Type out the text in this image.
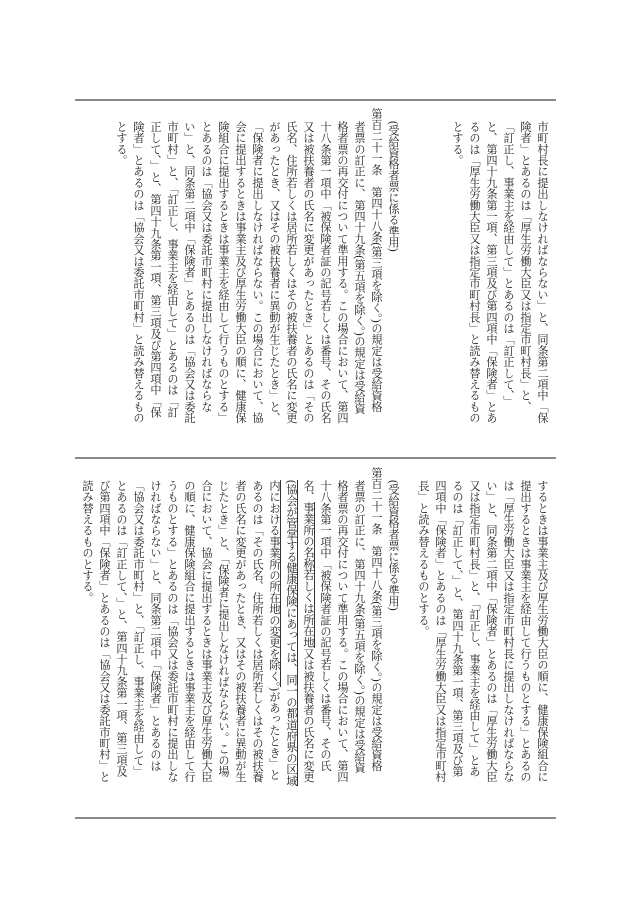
市町村長に提出しなければならない」と、同条第二項中「保
険者」とあるのは「厚生労働大臣又は指定市町村長」と、
「訂正し、事業主を経由して」とあるのは「訂正して、」
と、第四十九条第一項、第三項及び第四項中「保険者」とあ
るのは「厚生労働大臣又は指定市町村長」と読み替えるもの
とする。
(受給資格者票に係る準用)
第百二十一条　第四十八条(第三項を除く。)の規定は受給資格
者票の訂正に、第四十九条(第五項を除く。)の規定は受給資
格者票の再交付について準用する。この場合において、第四
十八条第一項中「被保険者証の記号若しくは番号、その氏名
又は被扶養者の氏名に変更があったとき」とあるのは「その
氏名、住所若しくは居所若しくはその被扶養者の氏名に変更
があったとき、又はその被扶養者に異動が生じたとき」と、
「保険者に提出しなければならない。この場合において、協
会に提出するときは事業主及び厚生労働大臣の順に、健康保
険組合に提出するときは事業主を経由して行うものとする」
とあるのは「協会又は委託市町村に提出しなければならな
い」と、同条第二項中「保険者」とあるのは「協会又は委託
市町村」と、「訂正し、事業主を経由して」とあるのは「訂
正して、」と、第四十九条第一項、第三項及び第四項中「保
険者」とあるのは「協会又は委託市町村」と読み替えるもの
とする。
するときは事業主及び厚生労働大臣の順に、健康保険組合に
提出するときは事業主を経由して行うものとする」とあるの
は「厚生労働大臣又は指定市町村長に提出しなければならな
い」と、同条第二項中「保険者」とあるのは「厚生労働大臣
又は指定市町村長」と、「訂正し、事業主を経由して」とあ
るのは「訂正して、」と、第四十九条第一項、第三項及び第
四項中「保険者」とあるのは「厚生労働大臣又は指定市町村
長」と読み替えるものとする。
(受給資格者票に係る準用)
第百二十一条　第四十八条(第三項を除く。)の規定は受給資格
者票の訂正に、第四十九条(第五項を除く。)の規定は受給資
格者票の再交付について準用する。この場合において、第四
十八条第一項中「被保険者証の記号若しくは番号、その氏
名、事業所の名称若しくは所在地又は被扶養者の氏名に変更
(協会が管掌する健康保険にあっては、同一の都道府県の区域
内における事業所の所在地の変更を除く。)があったとき」と
あるのは「その氏名、住所若しくは居所若しくはその被扶養
者の氏名に変更があったとき、又はその被扶養者に異動が生
じたとき」と、「保険者に提出しなければならない。この場
合において、協会に提出するときは事業主及び厚生労働大臣
の順に、健康保険組合に提出するときは事業主を経由して行
うものとする」とあるのは「協会又は委託市町村に提出しな
ければならない」と、同条第二項中「保険者」とあるのは
「協会又は委託市町村」と、「訂正し、事業主を経由して」
とあるのは「訂正して、」と、第四十九条第一項、第三項及
び第四項中「保険者」とあるのは「協会又は委託市町村」と
読み替えるものとする。
